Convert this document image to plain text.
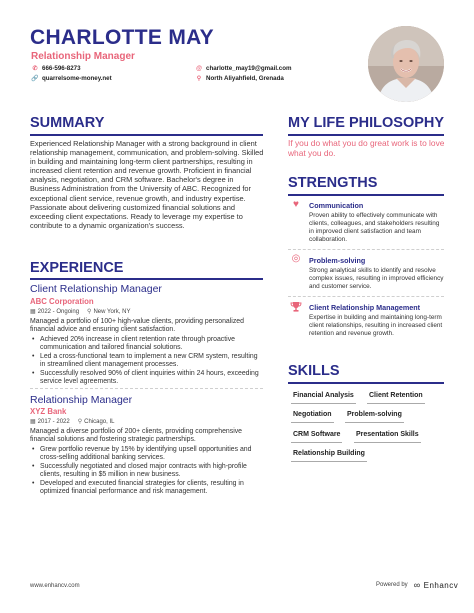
CHARLOTTE MAY
Relationship Manager
✆ 666-596-8273
🔗 quarrelsome-money.net
@ charlotte_may19@gmail.com
⚲ North Aliyahfield, Grenada
SUMMARY
Experienced Relationship Manager with a strong background in client relationship management, communication, and problem-solving. Skilled in building and maintaining long-term client partnerships, resulting in increased client retention and revenue growth. Proficient in financial analysis, negotiation, and CRM software. Bachelor's degree in Business Administration from the University of ABC. Recognized for exceptional client service, revenue growth, and industry expertise. Passionate about delivering customized financial solutions and exceeding client expectations. Ready to leverage my expertise to contribute to a dynamic organization's success.
EXPERIENCE
Client Relationship Manager
ABC Corporation
▦ 2022 - Ongoing ⚲ New York, NY
Managed a portfolio of 100+ high-value clients, providing personalized financial advice and ensuring client satisfaction.
• Achieved 20% increase in client retention rate through proactive communication and tailored financial solutions.
• Led a cross-functional team to implement a new CRM system, resulting in streamlined client management processes.
• Successfully resolved 90% of client inquiries within 24 hours, exceeding service level agreements.
Relationship Manager
XYZ Bank
▦ 2017 - 2022 ⚲ Chicago, IL
Managed a diverse portfolio of 200+ clients, providing comprehensive financial solutions and fostering strategic partnerships.
• Grew portfolio revenue by 15% by identifying upsell opportunities and cross-selling additional banking services.
• Successfully negotiated and closed major contracts with high-profile clients, resulting in $5 million in new business.
• Developed and executed financial strategies for clients, resulting in optimized financial performance and risk management.
MY LIFE PHILOSOPHY
If you do what you do great work is to love what you do.
STRENGTHS
♥	Communication
Proven ability to effectively communicate with clients, colleagues, and stakeholders resulting in improved client satisfaction and team collaboration.
◎ Problem-solving
Strong analytical skills to identify and resolve complex issues, resulting in improved efficiency and customer service.
Client Relationship Management
Expertise in building and maintaining long-term client relationships, resulting in increased client retention and revenue growth.
SKILLS
Financial Analysis Client Retention
Negotiation Problem-solving
CRM Software Presentation Skills
Relationship Building
www.enhancv.com	Powered by ∞ Enhancv
